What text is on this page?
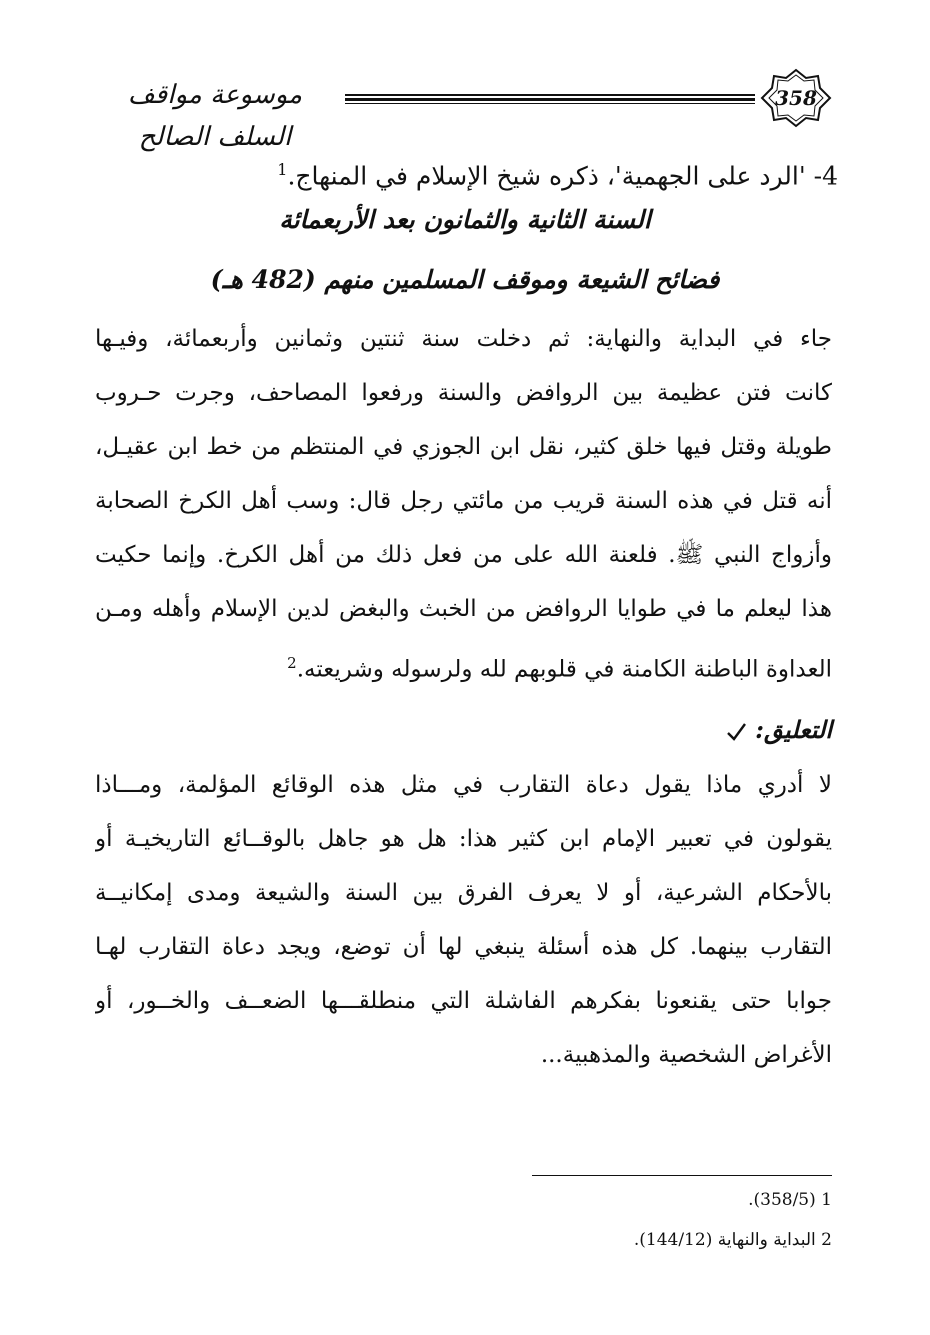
موسوعة مواقف السلف الصالح
358
4- 'الرد على الجهمية'، ذكره شيخ الإسلام في المنهاج.$^1$
السنة الثانية والثمانون بعد الأربعمائة
فضائح الشيعة وموقف المسلمين منهم (482 هـ)

جاء في البداية والنهاية: ثم دخلت سنة ثنتين وثمانين وأربعمائة، وفيـها

كانت فتن عظيمة بين الروافض والسنة ورفعوا المصاحف، وجرت حـروب

طويلة وقتل فيها خلق كثير، نقل ابن الجوزي في المنتظم من خط ابن عقيـل،

أنه قتل في هذه السنة قريب من مائتي رجل قال: وسب أهل الكرخ الصحابة

وأزواج النبي ﷺ. فلعنة الله على من فعل ذلك من أهل الكرخ. وإنما حكيت

هذا ليعلم ما في طوايا الروافض من الخبث والبغض لدين الإسلام وأهله ومـن

العداوة الباطنة الكامنة في قلوبهم لله ولرسوله وشريعته.$^2$

التعليق:

لا أدري ماذا يقول دعاة التقارب في مثل هذه الوقائع المؤلمة، ومـــاذا

يقولون في تعبير الإمام ابن كثير هذا: هل هو جاهل بالوقــائع التاريخيـة أو

بالأحكام الشرعية، أو لا يعرف الفرق بين السنة والشيعة ومدى إمكانيــة

التقارب بينهما. كل هذه أسئلة ينبغي لها أن توضع، ويجد دعاة التقارب لهـا

جوابا حتى يقنعونا بفكرهم الفاشلة التي منطلقـــها الضعــف والخــور، أو

الأغراض الشخصية والمذهبية...

1 (358/5).
2 البداية والنهاية (144/12).
